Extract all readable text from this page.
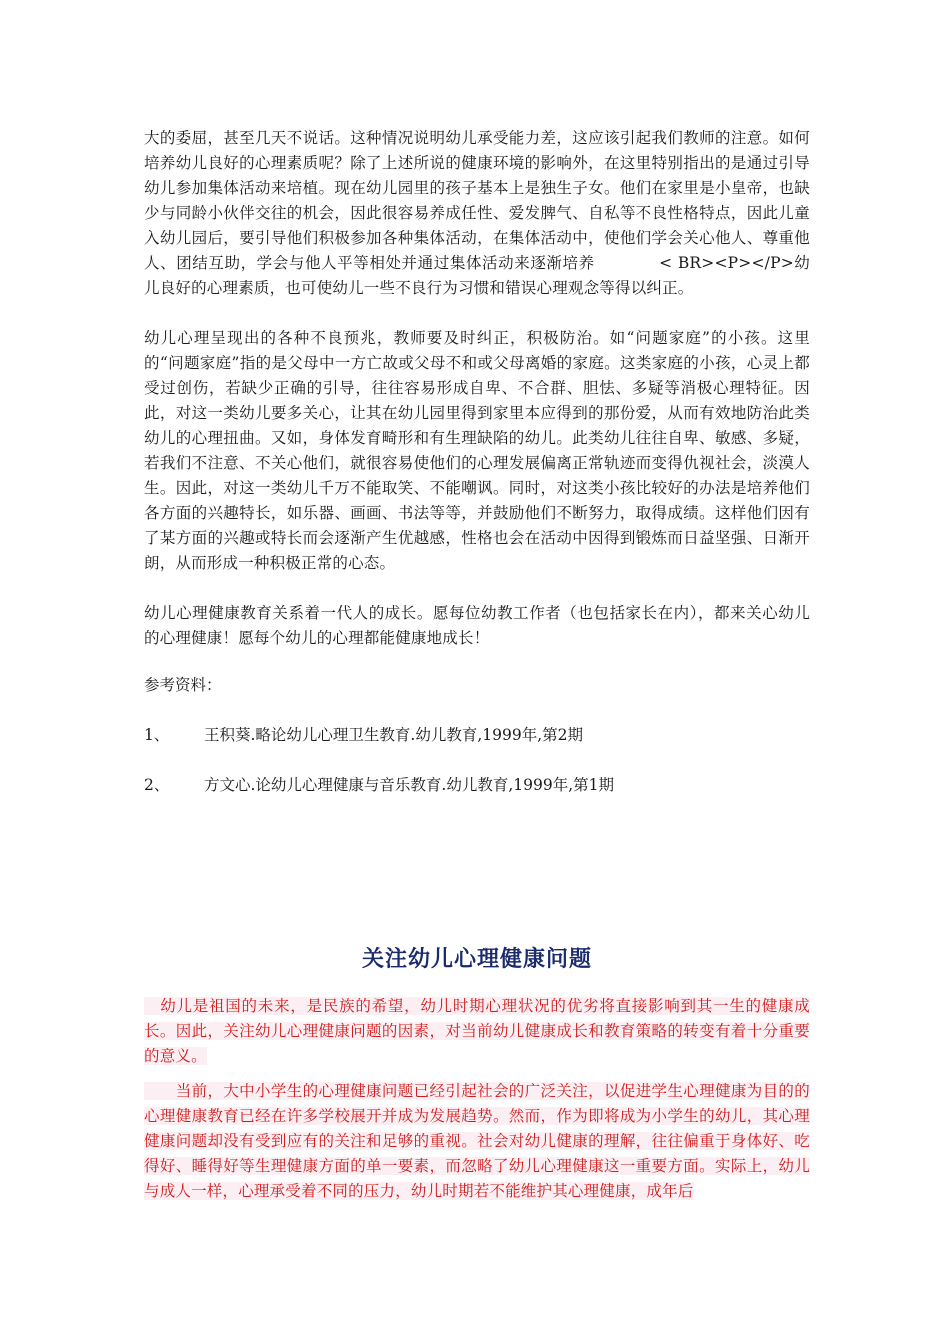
大的委屈，甚至几天不说话。这种情况说明幼儿承受能力差，这应该引起我们教师的注意。如何培养幼儿良好的心理素质呢？除了上述所说的健康环境的影响外，在这里特别指出的是通过引导幼儿参加集体活动来培植。现在幼儿园里的孩子基本上是独生子女。他们在家里是小皇帝，也缺少与同龄小伙伴交往的机会，因此很容易养成任性、爱发脾气、自私等不良性格特点，因此儿童入幼儿园后，要引导他们积极参加各种集体活动，在集体活动中，使他们学会关心他人、尊重他人、团结互助，学会与他人平等相处并通过集体活动来逐渐培养　　　　< BR><P></P>幼儿良好的心理素质，也可使幼儿一些不良行为习惯和错误心理观念等得以纠正。

幼儿心理呈现出的各种不良预兆，教师要及时纠正，积极防治。如“问题家庭”的小孩。这里的“问题家庭”指的是父母中一方亡故或父母不和或父母离婚的家庭。这类家庭的小孩，心灵上都受过创伤，若缺少正确的引导，往往容易形成自卑、不合群、胆怯、多疑等消极心理特征。因此，对这一类幼儿要多关心，让其在幼儿园里得到家里本应得到的那份爱，从而有效地防治此类幼儿的心理扭曲。又如，身体发育畸形和有生理缺陷的幼儿。此类幼儿往往自卑、敏感、多疑，若我们不注意、不关心他们，就很容易使他们的心理发展偏离正常轨迹而变得仇视社会，淡漠人生。因此，对这一类幼儿千万不能取笑、不能嘲讽。同时，对这类小孩比较好的办法是培养他们各方面的兴趣特长，如乐器、画画、书法等等，并鼓励他们不断努力，取得成绩。这样他们因有了某方面的兴趣或特长而会逐渐产生优越感，性格也会在活动中因得到锻炼而日益坚强、日渐开朗，从而形成一种积极正常的心态。

幼儿心理健康教育关系着一代人的成长。愿每位幼教工作者（也包括家长在内），都来关心幼儿的心理健康！愿每个幼儿的心理都能健康地成长！

参考资料：

1、	王积葵.略论幼儿心理卫生教育.幼儿教育,1999年,第2期
2、	方文心.论幼儿心理健康与音乐教育.幼儿教育,1999年,第1期
关注幼儿心理健康问题

　幼儿是祖国的未来，是民族的希望，幼儿时期心理状况的优劣将直接影响到其一生的健康成长。因此，关注幼儿心理健康问题的因素，对当前幼儿健康成长和教育策略的转变有着十分重要的意义。

　　当前，大中小学生的心理健康问题已经引起社会的广泛关注，以促进学生心理健康为目的的心理健康教育已经在许多学校展开并成为发展趋势。然而，作为即将成为小学生的幼儿，其心理健康问题却没有受到应有的关注和足够的重视。社会对幼儿健康的理解，往往偏重于身体好、吃得好、睡得好等生理健康方面的单一要素，而忽略了幼儿心理健康这一重要方面。实际上，幼儿与成人一样，心理承受着不同的压力，幼儿时期若不能维护其心理健康，成年后
